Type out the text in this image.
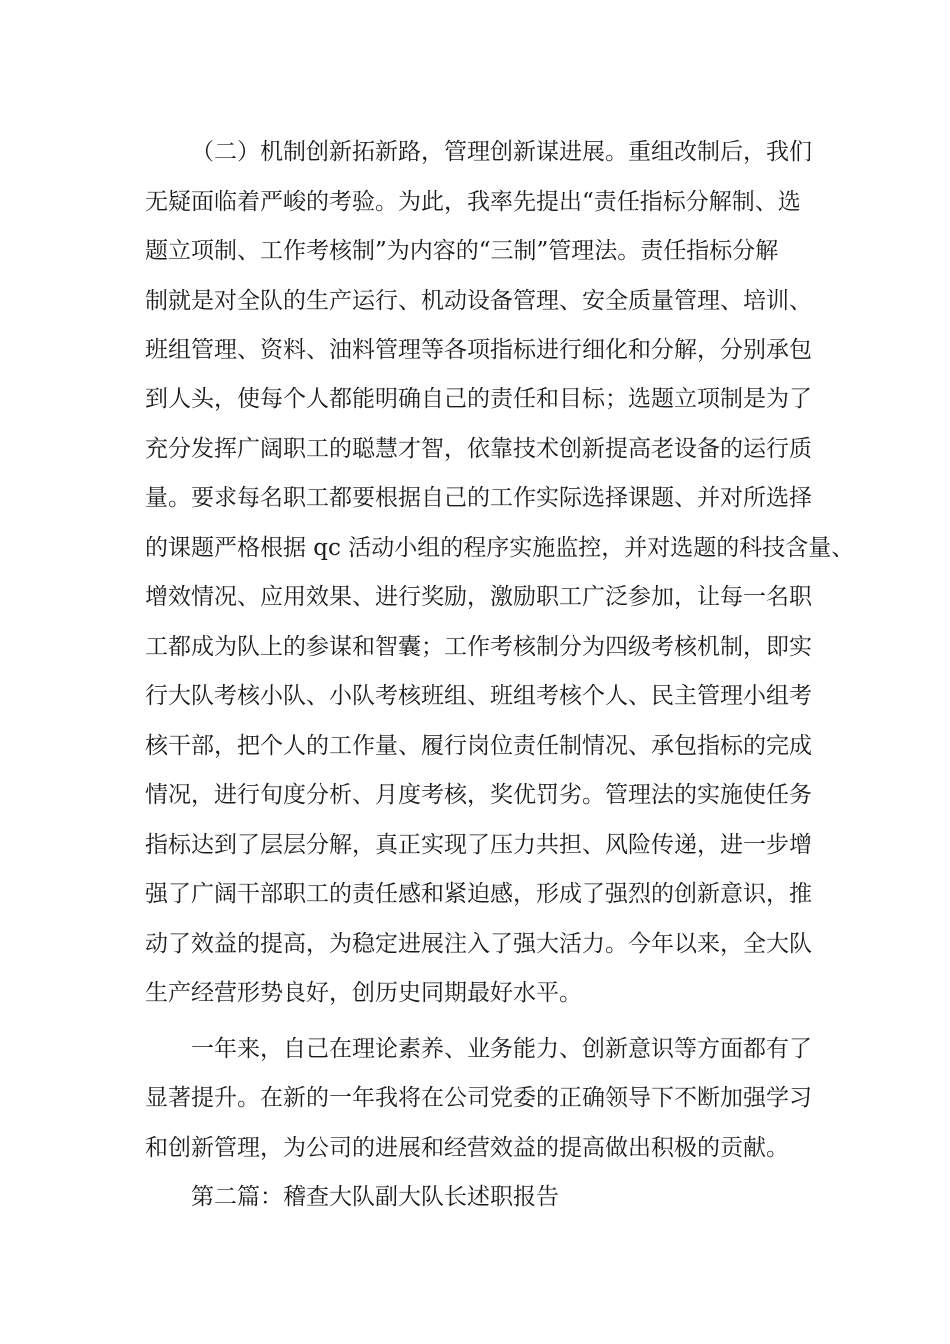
（二）机制创新拓新路，管理创新谋进展。重组改制后，我们
无疑面临着严峻的考验。为此，我率先提出“责任指标分解制、选
题立项制、工作考核制”为内容的“三制”管理法。责任指标分解
制就是对全队的生产运行、机动设备管理、安全质量管理、培训、
班组管理、资料、油料管理等各项指标进行细化和分解，分别承包
到人头，使每个人都能明确自己的责任和目标；选题立项制是为了
充分发挥广阔职工的聪慧才智，依靠技术创新提高老设备的运行质
量。要求每名职工都要根据自己的工作实际选择课题、并对所选择
的课题严格根据 qc 活动小组的程序实施监控，并对选题的科技含量、
增效情况、应用效果、进行奖励，激励职工广泛参加，让每一名职
工都成为队上的参谋和智囊；工作考核制分为四级考核机制，即实
行大队考核小队、小队考核班组、班组考核个人、民主管理小组考
核干部，把个人的工作量、履行岗位责任制情况、承包指标的完成
情况，进行旬度分析、月度考核，奖优罚劣。管理法的实施使任务
指标达到了层层分解，真正实现了压力共担、风险传递，进一步增
强了广阔干部职工的责任感和紧迫感，形成了强烈的创新意识，推
动了效益的提高，为稳定进展注入了强大活力。今年以来，全大队
生产经营形势良好，创历史同期最好水平。
一年来，自己在理论素养、业务能力、创新意识等方面都有了
显著提升。在新的一年我将在公司党委的正确领导下不断加强学习
和创新管理，为公司的进展和经营效益的提高做出积极的贡献。
第二篇：稽查大队副大队长述职报告
